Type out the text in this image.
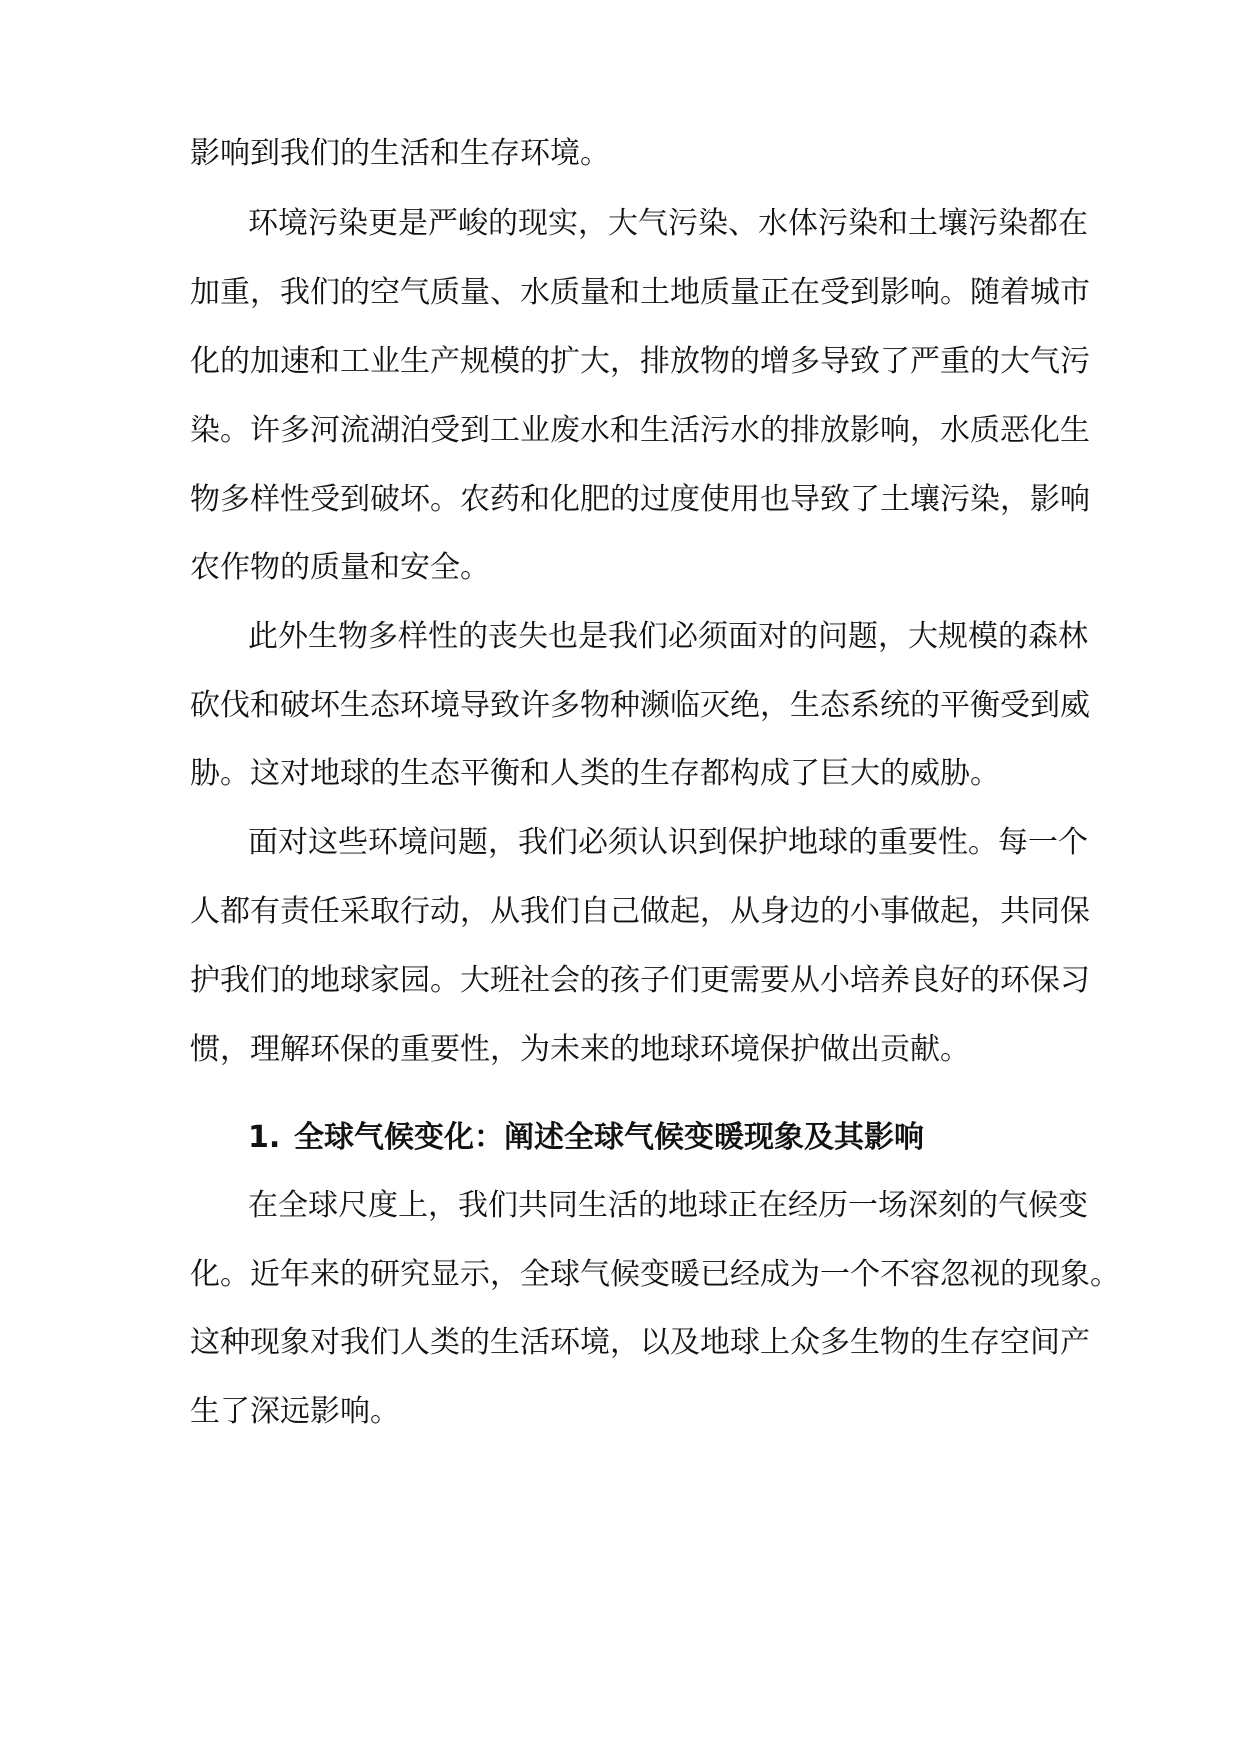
影响到我们的生活和生存环境。
环境污染更是严峻的现实，大气污染、水体污染和土壤污染都在
加重，我们的空气质量、水质量和土地质量正在受到影响。随着城市
化的加速和工业生产规模的扩大，排放物的增多导致了严重的大气污
染。许多河流湖泊受到工业废水和生活污水的排放影响，水质恶化生
物多样性受到破坏。农药和化肥的过度使用也导致了土壤污染，影响
农作物的质量和安全。
此外生物多样性的丧失也是我们必须面对的问题，大规模的森林
砍伐和破坏生态环境导致许多物种濒临灭绝，生态系统的平衡受到威
胁。这对地球的生态平衡和人类的生存都构成了巨大的威胁。
面对这些环境问题，我们必须认识到保护地球的重要性。每一个
人都有责任采取行动，从我们自己做起，从身边的小事做起，共同保
护我们的地球家园。大班社会的孩子们更需要从小培养良好的环保习
惯，理解环保的重要性，为未来的地球环境保护做出贡献。
1. 全球气候变化：阐述全球气候变暖现象及其影响
在全球尺度上，我们共同生活的地球正在经历一场深刻的气候变
化。近年来的研究显示，全球气候变暖已经成为一个不容忽视的现象。
这种现象对我们人类的生活环境，以及地球上众多生物的生存空间产
生了深远影响。
